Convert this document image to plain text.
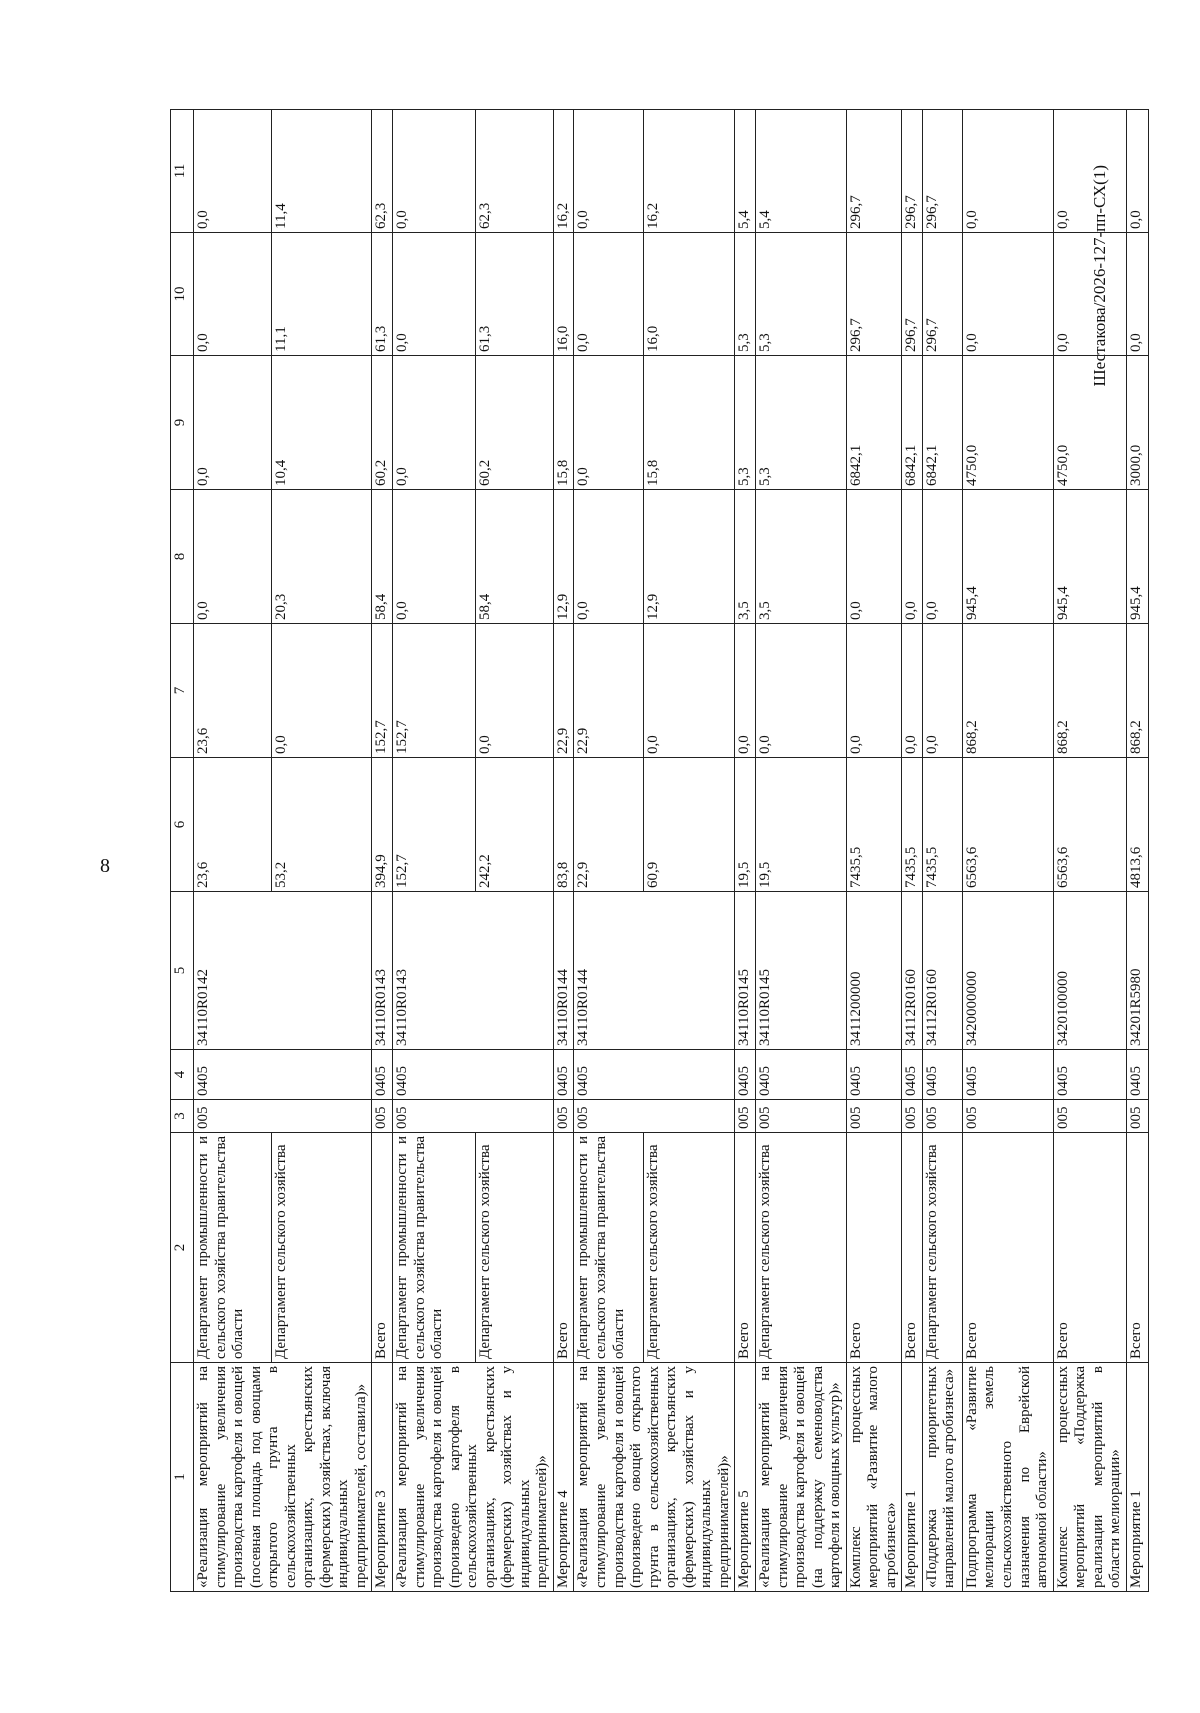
8
Шестакова/2026-127-пп-СХ(1)
1	2	3	4	5	6	7	8	9	10	11
«Реализация мероприятий на стимулирование увеличения производства картофеля и овощей (посевная площадь под овощами открытого грунта в сельскохозяйственных организациях, крестьянских (фермерских) хозяйствах, включая индивидуальных предпринимателей, составила)»	Департамент промышленности и сельского хозяйства правительства области	005	0405	34110R0142	23,6	23,6	0,0	0,0	0,0	0,0
	Департамент сельского хозяйства				53,2	0,0	20,3	10,4	11,1	11,4
Мероприятие 3	Всего	005	0405	34110R0143	394,9	152,7	58,4	60,2	61,3	62,3
«Реализация мероприятий на стимулирование увеличения производства картофеля и овощей (произведено картофеля в сельскохозяйственных организациях, крестьянских (фермерских) хозяйствах и у индивидуальных предпринимателей)»	Департамент промышленности и сельского хозяйства правительства области	005	0405	34110R0143	152,7	152,7	0,0	0,0	0,0	0,0
	Департамент сельского хозяйства				242,2	0,0	58,4	60,2	61,3	62,3
Мероприятие 4	Всего	005	0405	34110R0144	83,8	22,9	12,9	15,8	16,0	16,2
«Реализация мероприятий на стимулирование увеличения производства картофеля и овощей (произведено овощей открытого грунта в сельскохозяйственных организациях, крестьянских (фермерских) хозяйствах и у индивидуальных предпринимателей)»	Департамент промышленности и сельского хозяйства правительства области	005	0405	34110R0144	22,9	22,9	0,0	0,0	0,0	0,0
	Департамент сельского хозяйства				60,9	0,0	12,9	15,8	16,0	16,2
Мероприятие 5	Всего	005	0405	34110R0145	19,5	0,0	3,5	5,3	5,3	5,4
«Реализация мероприятий на стимулирование увеличения производства картофеля и овощей (на поддержку семеноводства картофеля и овощных культур)»	Департамент сельского хозяйства	005	0405	34110R0145	19,5	0,0	3,5	5,3	5,3	5,4
Комплекс процессных мероприятий «Развитие малого агробизнеса»	Всего	005	0405	3411200000	7435,5	0,0	0,0	6842,1	296,7	296,7
Мероприятие 1	Всего	005	0405	34112R0160	7435,5	0,0	0,0	6842,1	296,7	296,7
«Поддержка приоритетных направлений малого агробизнеса»	Департамент сельского хозяйства	005	0405	34112R0160	7435,5	0,0	0,0	6842,1	296,7	296,7
Подпрограмма «Развитие мелиорации земель сельскохозяйственного назначения по Еврейской автономной области»	Всего	005	0405	3420000000	6563,6	868,2	945,4	4750,0	0,0	0,0
Комплекс процессных мероприятий «Поддержка реализации мероприятий в области мелиорации»	Всего	005	0405	3420100000	6563,6	868,2	945,4	4750,0	0,0	0,0
Мероприятие 1	Всего	005	0405	34201R5980	4813,6	868,2	945,4	3000,0	0,0	0,0
